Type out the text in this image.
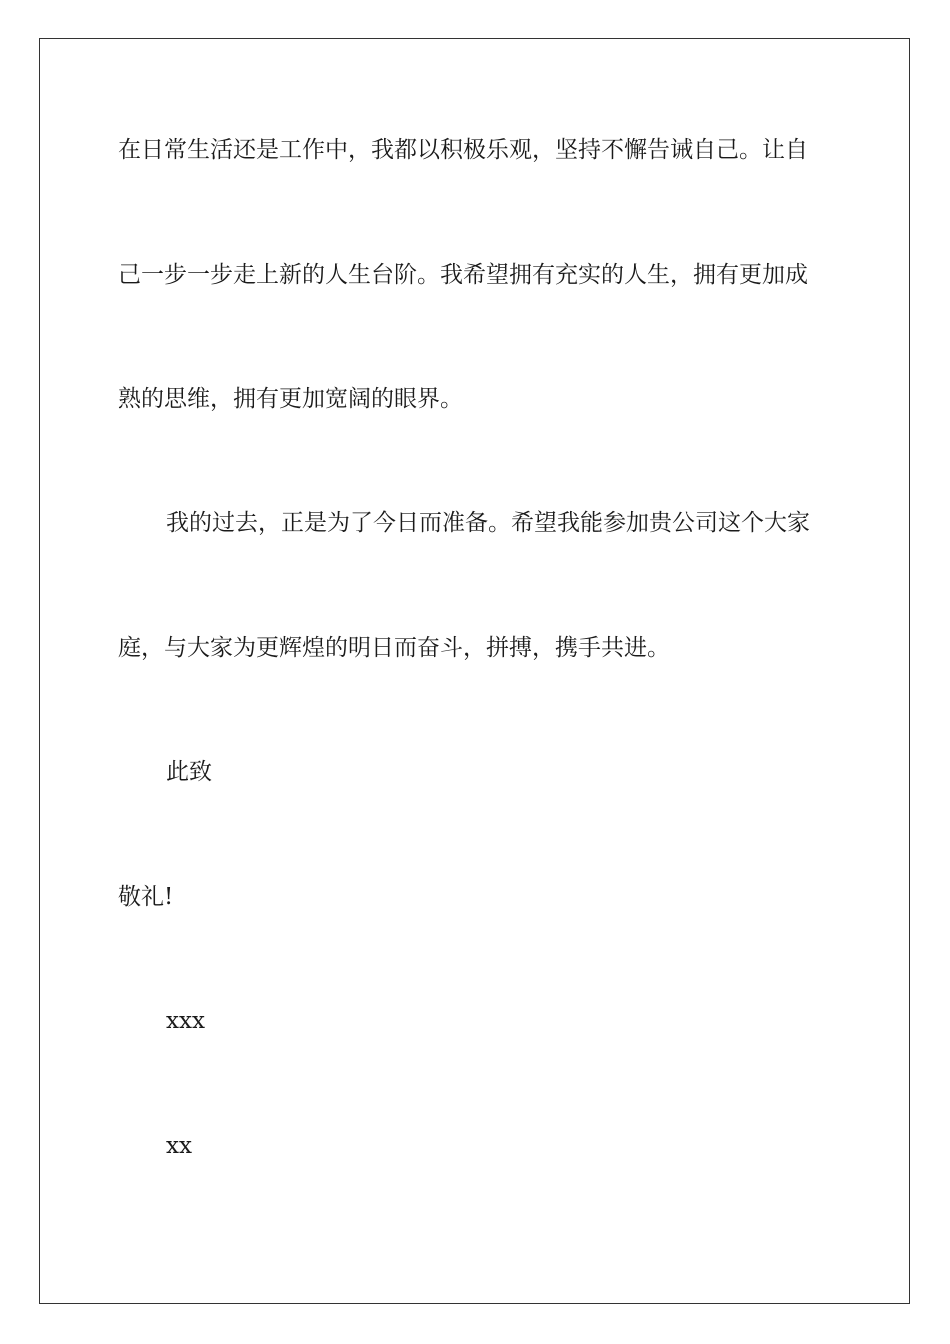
在日常生活还是工作中，我都以积极乐观，坚持不懈告诫自己。让自
己一步一步走上新的人生台阶。我希望拥有充实的人生，拥有更加成
熟的思维，拥有更加宽阔的眼界。
我的过去，正是为了今日而准备。希望我能参加贵公司这个大家
庭，与大家为更辉煌的明日而奋斗，拼搏，携手共进。
此致
敬礼!
xxx
xx
